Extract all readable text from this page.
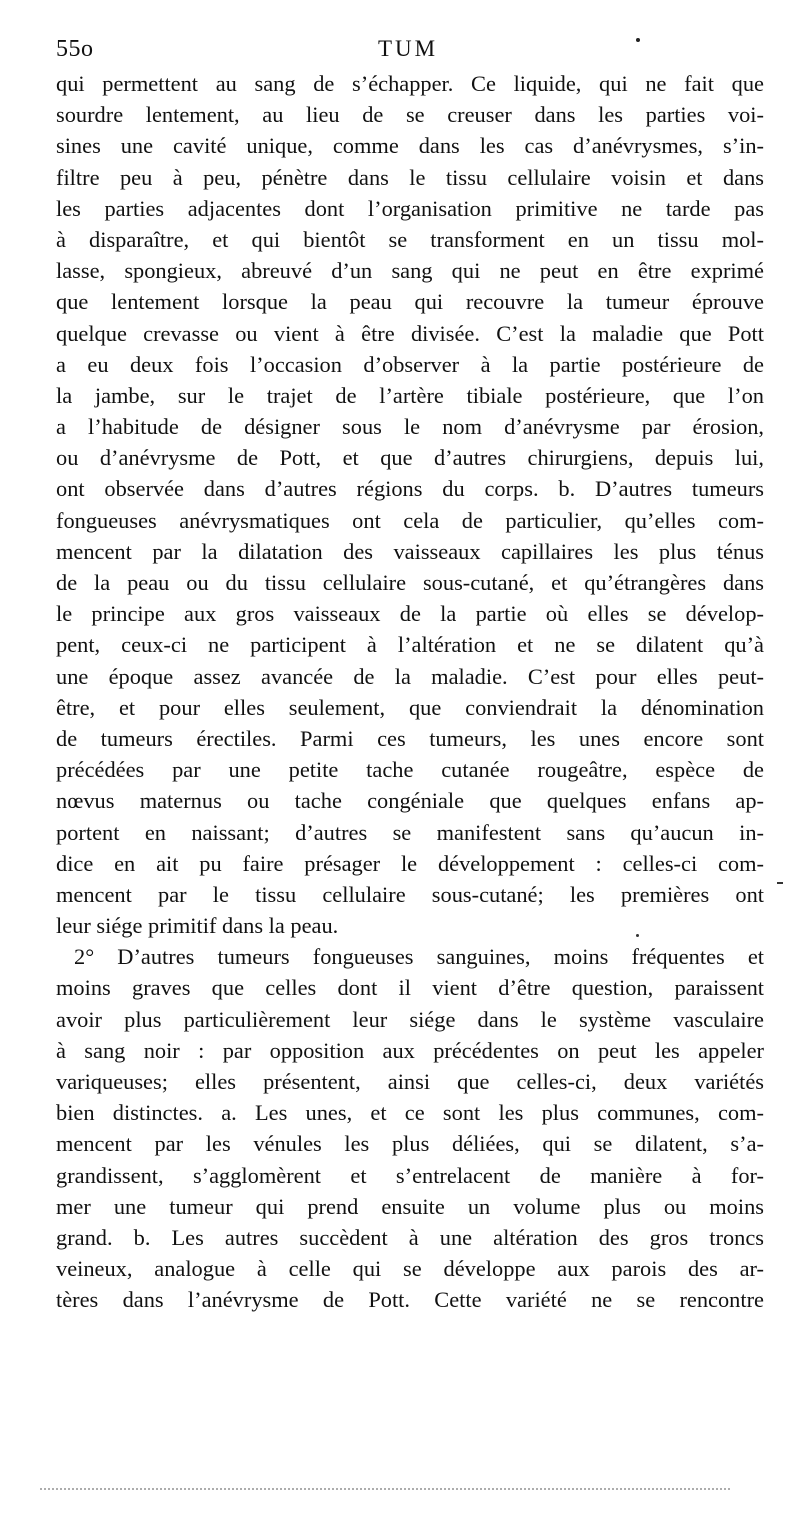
55o	TUM
qui permettent au sang de s’échapper. Ce liquide, qui ne fait que
sourdre lentement, au lieu de se creuser dans les parties voi-
sines une cavité unique, comme dans les cas d’anévrysmes, s’in-
filtre peu à peu, pénètre dans le tissu cellulaire voisin et dans
les parties adjacentes dont l’organisation primitive ne tarde pas
à disparaître, et qui bientôt se transforment en un tissu mol-
lasse, spongieux, abreuvé d’un sang qui ne peut en être exprimé
que lentement lorsque la peau qui recouvre la tumeur éprouve
quelque crevasse ou vient à être divisée. C’est la maladie que Pott
a eu deux fois l’occasion d’observer à la partie postérieure de
la jambe, sur le trajet de l’artère tibiale postérieure, que l’on
a l’habitude de désigner sous le nom d’anévrysme par érosion,
ou d’anévrysme de Pott, et que d’autres chirurgiens, depuis lui,
ont observée dans d’autres régions du corps. b. D’autres tumeurs
fongueuses anévrysmatiques ont cela de particulier, qu’elles com-
mencent par la dilatation des vaisseaux capillaires les plus ténus
de la peau ou du tissu cellulaire sous-cutané, et qu’étrangères dans
le principe aux gros vaisseaux de la partie où elles se dévelop-
pent, ceux-ci ne participent à l’altération et ne se dilatent qu’à
une époque assez avancée de la maladie. C’est pour elles peut-
être, et pour elles seulement, que conviendrait la dénomination
de tumeurs érectiles. Parmi ces tumeurs, les unes encore sont
précédées par une petite tache cutanée rougeâtre, espèce de
nœvus maternus ou tache congéniale que quelques enfans ap-
portent en naissant; d’autres se manifestent sans qu’aucun in-
dice en ait pu faire présager le développement : celles-ci com-
mencent par le tissu cellulaire sous-cutané; les premières ont
leur siége primitif dans la peau.
2° D’autres tumeurs fongueuses sanguines, moins fréquentes et
moins graves que celles dont il vient d’être question, paraissent
avoir plus particulièrement leur siége dans le système vasculaire
à sang noir : par opposition aux précédentes on peut les appeler
variqueuses; elles présentent, ainsi que celles-ci, deux variétés
bien distinctes. a. Les unes, et ce sont les plus communes, com-
mencent par les vénules les plus déliées, qui se dilatent, s’a-
grandissent, s’agglomèrent et s’entrelacent de manière à for-
mer une tumeur qui prend ensuite un volume plus ou moins
grand. b. Les autres succèdent à une altération des gros troncs
veineux, analogue à celle qui se développe aux parois des ar-
tères dans l’anévrysme de Pott. Cette variété ne se rencontre
